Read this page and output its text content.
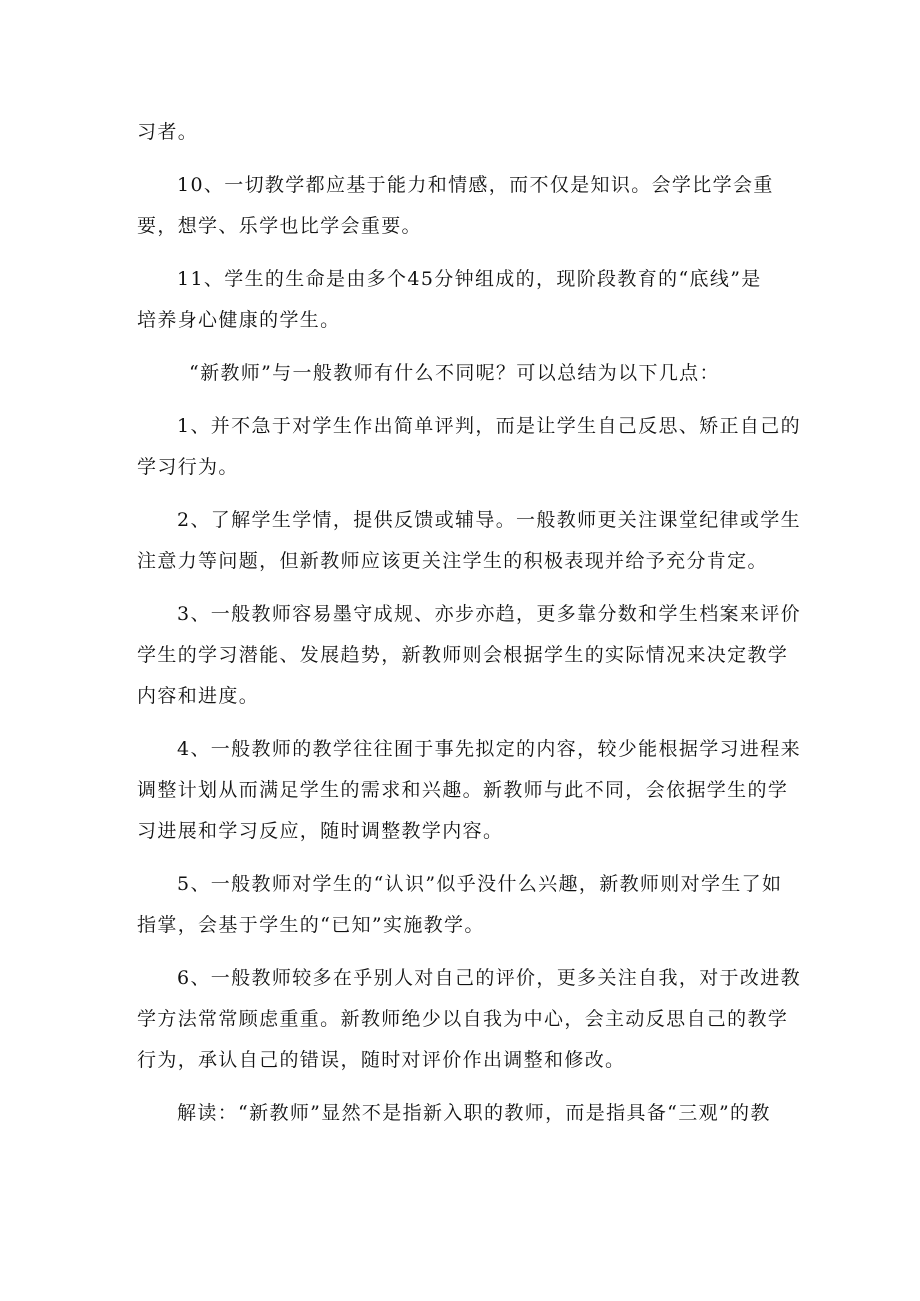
习者。
10、一切教学都应基于能力和情感，而不仅是知识。会学比学会重
要，想学、乐学也比学会重要。
11、学生的生命是由多个45分钟组成的，现阶段教育的“底线”是
培养身心健康的学生。
“新教师”与一般教师有什么不同呢？可以总结为以下几点：
1、并不急于对学生作出简单评判，而是让学生自己反思、矫正自己的
学习行为。
2、了解学生学情，提供反馈或辅导。一般教师更关注课堂纪律或学生
注意力等问题，但新教师应该更关注学生的积极表现并给予充分肯定。
3、一般教师容易墨守成规、亦步亦趋，更多靠分数和学生档案来评价
学生的学习潜能、发展趋势，新教师则会根据学生的实际情况来决定教学
内容和进度。
4、一般教师的教学往往囿于事先拟定的内容，较少能根据学习进程来
调整计划从而满足学生的需求和兴趣。新教师与此不同，会依据学生的学
习进展和学习反应，随时调整教学内容。
5、一般教师对学生的“认识”似乎没什么兴趣，新教师则对学生了如
指掌，会基于学生的“已知”实施教学。
6、一般教师较多在乎别人对自己的评价，更多关注自我，对于改进教
学方法常常顾虑重重。新教师绝少以自我为中心，会主动反思自己的教学
行为，承认自己的错误，随时对评价作出调整和修改。
解读：“新教师”显然不是指新入职的教师，而是指具备“三观”的教
